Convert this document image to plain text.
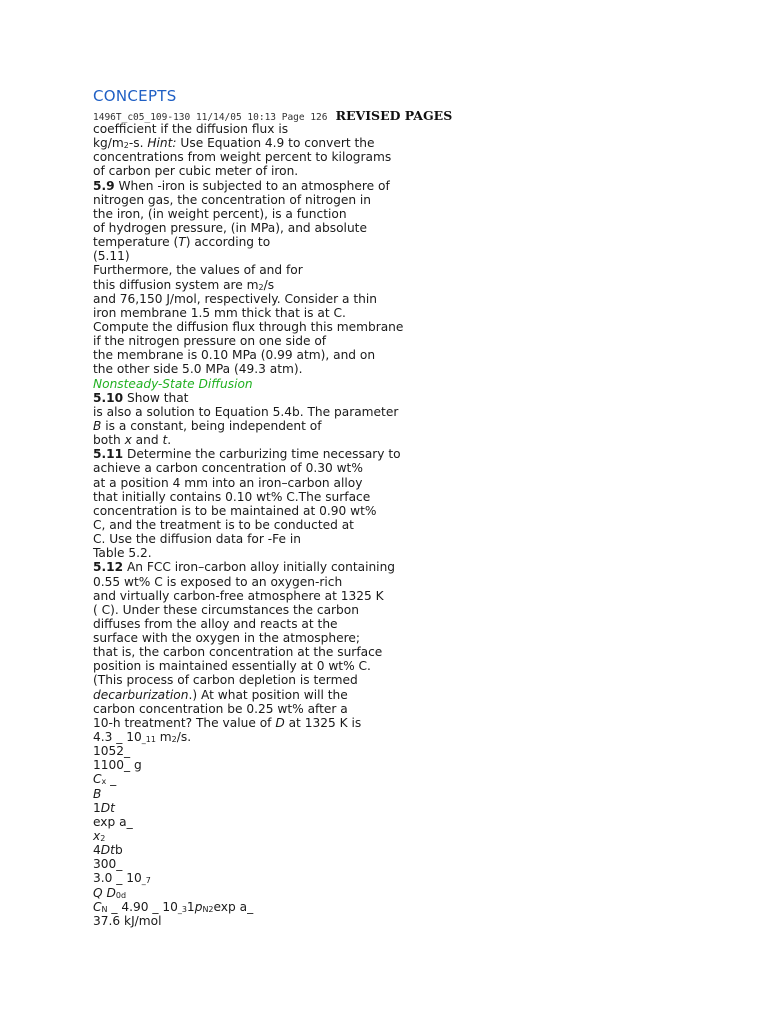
CONCEPTS
1496T_c05_109-130 11/14/05 10:13 Page 126 REVISED PAGES
coefficient if the diffusion flux is
kg/m2-s. Hint: Use Equation 4.9 to convert the
concentrations from weight percent to kilograms
of carbon per cubic meter of iron.
5.9 When -iron is subjected to an atmosphere of
nitrogen gas, the concentration of nitrogen in
the iron, (in weight percent), is a function
of hydrogen pressure, (in MPa), and absolute
temperature (T) according to
(5.11)
Furthermore, the values of and for
this diffusion system are m2/s
and 76,150 J/mol, respectively. Consider a thin
iron membrane 1.5 mm thick that is at C.
Compute the diffusion flux through this membrane
if the nitrogen pressure on one side of
the membrane is 0.10 MPa (0.99 atm), and on
the other side 5.0 MPa (49.3 atm).
Nonsteady-State Diffusion
5.10 Show that
is also a solution to Equation 5.4b. The parameter
B is a constant, being independent of
both x and t.
5.11 Determine the carburizing time necessary to
achieve a carbon concentration of 0.30 wt%
at a position 4 mm into an iron–carbon alloy
that initially contains 0.10 wt% C.The surface
concentration is to be maintained at 0.90 wt%
C, and the treatment is to be conducted at
C. Use the diffusion data for -Fe in
Table 5.2.
5.12 An FCC iron–carbon alloy initially containing
0.55 wt% C is exposed to an oxygen-rich
and virtually carbon-free atmosphere at 1325 K
( C). Under these circumstances the carbon
diffuses from the alloy and reacts at the
surface with the oxygen in the atmosphere;
that is, the carbon concentration at the surface
position is maintained essentially at 0 wt% C.
(This process of carbon depletion is termed
decarburization.) At what position will the
carbon concentration be 0.25 wt% after a
10-h treatment? The value of D at 1325 K is
4.3 _ 10_11 m2/s.
1052_
1100_ g
Cx _
B
1Dt
exp a_
x2
4Dtb
300_
3.0 _ 10_7
Q D0d
CN _ 4.90 _ 10_31pN2exp a_
37.6 kJ/mol
